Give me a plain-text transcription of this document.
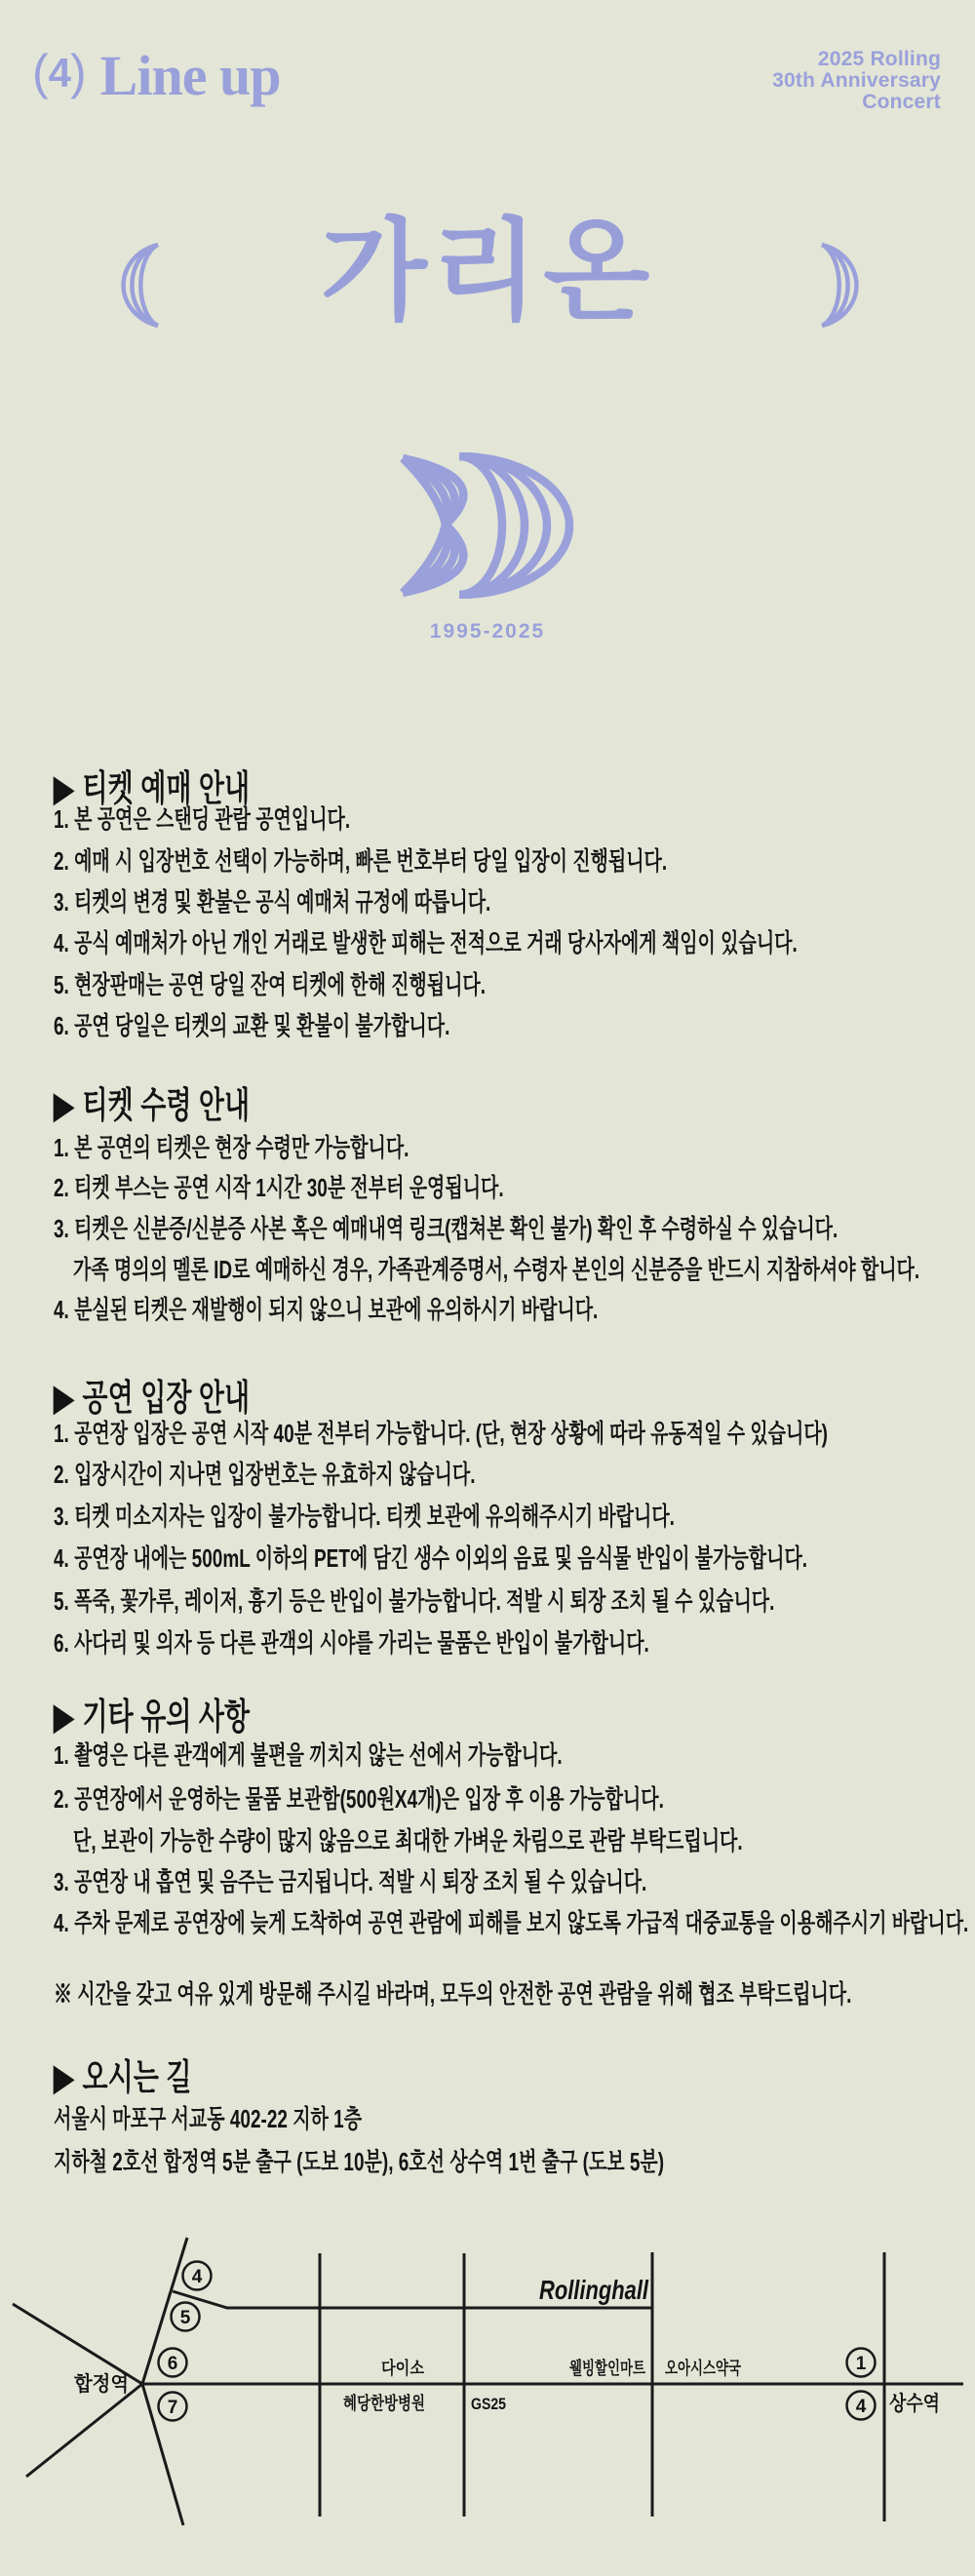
(4) Line up	2025 Rolling
30th Anniversary
Concert
가리온
1995-2025
▶ 티켓 예매 안내
1. 본 공연은 스탠딩 관람 공연입니다.
2. 예매 시 입장번호 선택이 가능하며, 빠른 번호부터 당일 입장이 진행됩니다.
3. 티켓의 변경 및 환불은 공식 예매처 규정에 따릅니다.
4. 공식 예매처가 아닌 개인 거래로 발생한 피해는 전적으로 거래 당사자에게 책임이 있습니다.
5. 현장판매는 공연 당일 잔여 티켓에 한해 진행됩니다.
6. 공연 당일은 티켓의 교환 및 환불이 불가합니다.
▶ 티켓 수령 안내
1. 본 공연의 티켓은 현장 수령만 가능합니다.
2. 티켓 부스는 공연 시작 1시간 30분 전부터 운영됩니다.
3. 티켓은 신분증/신분증 사본 혹은 예매내역 링크(캡쳐본 확인 불가) 확인 후 수령하실 수 있습니다.
가족 명의의 멜론 ID로 예매하신 경우, 가족관계증명서, 수령자 본인의 신분증을 반드시 지참하셔야 합니다.
4. 분실된 티켓은 재발행이 되지 않으니 보관에 유의하시기 바랍니다.
▶ 공연 입장 안내
1. 공연장 입장은 공연 시작 40분 전부터 가능합니다. (단, 현장 상황에 따라 유동적일 수 있습니다)
2. 입장시간이 지나면 입장번호는 유효하지 않습니다.
3. 티켓 미소지자는 입장이 불가능합니다. 티켓 보관에 유의해주시기 바랍니다.
4. 공연장 내에는 500mL 이하의 PET에 담긴 생수 이외의 음료 및 음식물 반입이 불가능합니다.
5. 폭죽, 꽃가루, 레이저, 흉기 등은 반입이 불가능합니다. 적발 시 퇴장 조치 될 수 있습니다.
6. 사다리 및 의자 등 다른 관객의 시야를 가리는 물품은 반입이 불가합니다.
▶ 기타 유의 사항
1. 촬영은 다른 관객에게 불편을 끼치지 않는 선에서 가능합니다.
2. 공연장에서 운영하는 물품 보관함(500원X4개)은 입장 후 이용 가능합니다.
단, 보관이 가능한 수량이 많지 않음으로 최대한 가벼운 차림으로 관람 부탁드립니다.
3. 공연장 내 흡연 및 음주는 금지됩니다. 적발 시 퇴장 조치 될 수 있습니다.
4. 주차 문제로 공연장에 늦게 도착하여 공연 관람에 피해를 보지 않도록 가급적 대중교통을 이용해주시기 바랍니다.
※ 시간을 갖고 여유 있게 방문해 주시길 바라며, 모두의 안전한 공연 관람을 위해 협조 부탁드립니다.
▶ 오시는 길
서울시 마포구 서교동 402-22 지하 1층
지하철 2호선 합정역 5분 출구 (도보 10분), 6호선 상수역 1번 출구 (도보 5분)
4
5
6
7
1
4
Rollinghall
합정역
상수역
다이소	웰빙할인마트
오아시스약국
혜당한방병원 GS25
